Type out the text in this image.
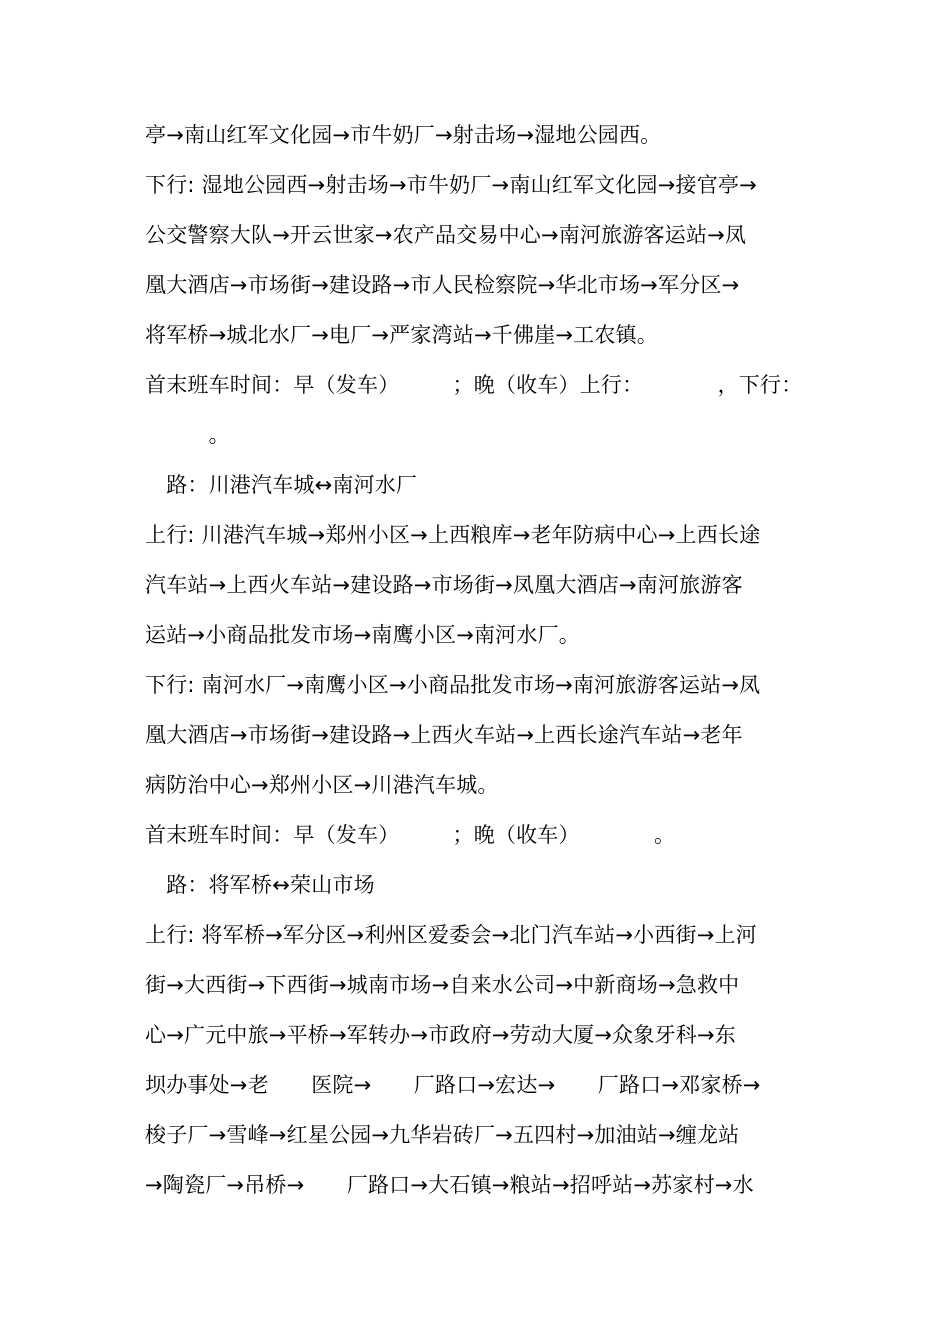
亭→南山红军文化园→市牛奶厂→射击场→湿地公园西。
下行: 湿地公园西→射击场→市牛奶厂→南山红军文化园→接官亭→
公交警察大队→开云世家→农产品交易中心→南河旅游客运站→凤
凰大酒店→市场街→建设路→市人民检察院→华北市场→军分区→
将军桥→城北水厂→电厂→严家湾站→千佛崖→工农镇。
首末班车时间：早（发车）　　　；晚（收车）上行：　　　　，下行：
　　　。
　路：川港汽车城↔南河水厂
上行: 川港汽车城→郑州小区→上西粮库→老年防病中心→上西长途
汽车站→上西火车站→建设路→市场街→凤凰大酒店→南河旅游客
运站→小商品批发市场→南鹰小区→南河水厂。
下行: 南河水厂→南鹰小区→小商品批发市场→南河旅游客运站→凤
凰大酒店→市场街→建设路→上西火车站→上西长途汽车站→老年
病防治中心→郑州小区→川港汽车城。
首末班车时间：早（发车）　　　；晚（收车）　　　　。
　路：将军桥↔荣山市场
上行: 将军桥→军分区→利州区爱委会→北门汽车站→小西街→上河
街→大西街→下西街→城南市场→自来水公司→中新商场→急救中
心→广元中旅→平桥→军转办→市政府→劳动大厦→众象牙科→东
坝办事处→老　　医院→　　厂路口→宏达→　　厂路口→邓家桥→
梭子厂→雪峰→红星公园→九华岩砖厂→五四村→加油站→缠龙站
→陶瓷厂→吊桥→　　厂路口→大石镇→粮站→招呼站→苏家村→水
